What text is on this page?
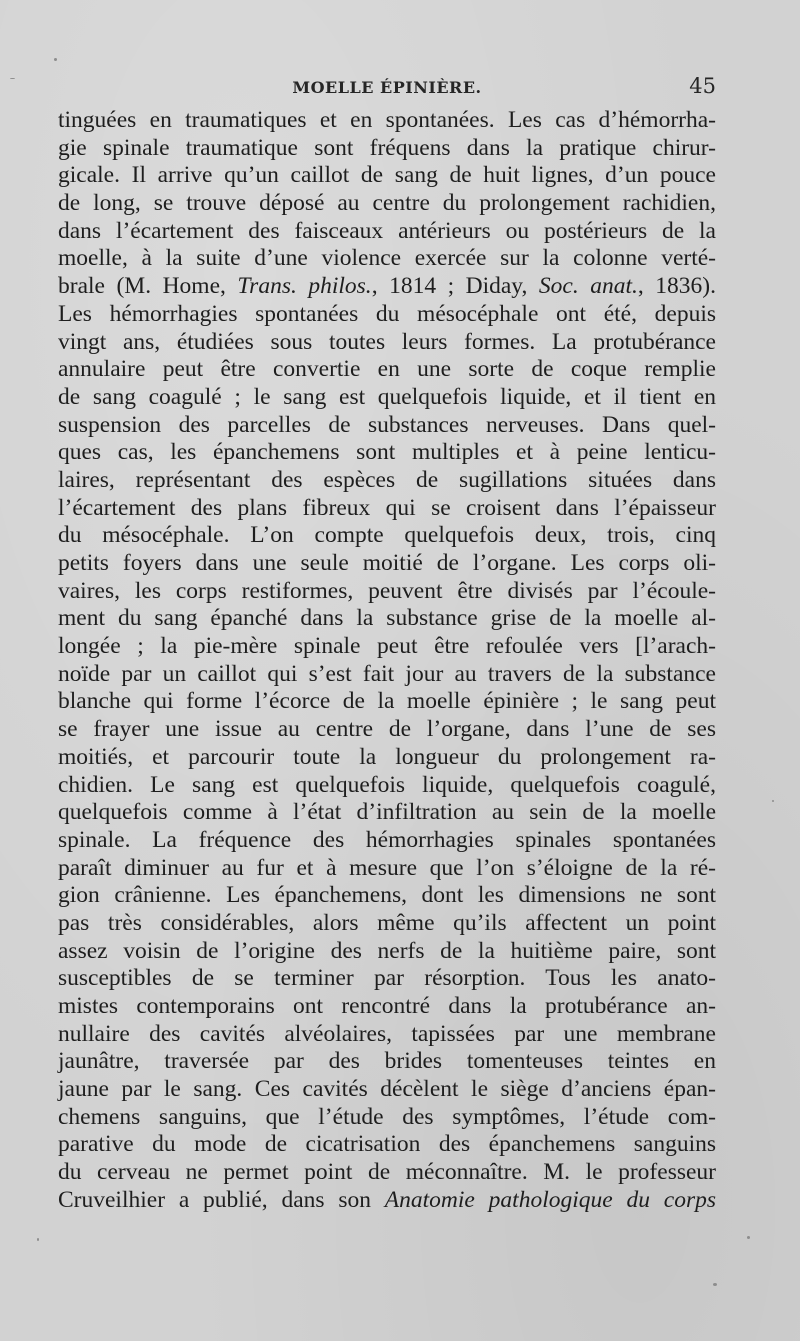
MOELLE ÉPINIÈRE.	45
tinguées en traumatiques et en spontanées. Les cas d’hémorrha-
gie spinale traumatique sont fréquens dans la pratique chirur-
gicale. Il arrive qu’un caillot de sang de huit lignes, d’un pouce
de long, se trouve déposé au centre du prolongement rachidien,
dans l’écartement des faisceaux antérieurs ou postérieurs de la
moelle, à la suite d’une violence exercée sur la colonne verté-
brale (M. Home, Trans. philos., 1814 ; Diday, Soc. anat., 1836).
Les hémorrhagies spontanées du mésocéphale ont été, depuis
vingt ans, étudiées sous toutes leurs formes. La protubérance
annulaire peut être convertie en une sorte de coque remplie
de sang coagulé ; le sang est quelquefois liquide, et il tient en
suspension des parcelles de substances nerveuses. Dans quel-
ques cas, les épanchemens sont multiples et à peine lenticu-
laires, représentant des espèces de sugillations situées dans
l’écartement des plans fibreux qui se croisent dans l’épaisseur
du mésocéphale. L’on compte quelquefois deux, trois, cinq
petits foyers dans une seule moitié de l’organe. Les corps oli-
vaires, les corps restiformes, peuvent être divisés par l’écoule-
ment du sang épanché dans la substance grise de la moelle al-
longée ; la pie-mère spinale peut être refoulée vers [l’arach-
noïde par un caillot qui s’est fait jour au travers de la substance
blanche qui forme l’écorce de la moelle épinière ; le sang peut
se frayer une issue au centre de l’organe, dans l’une de ses
moitiés, et parcourir toute la longueur du prolongement ra-
chidien. Le sang est quelquefois liquide, quelquefois coagulé,
quelquefois comme à l’état d’infiltration au sein de la moelle
spinale. La fréquence des hémorrhagies spinales spontanées
paraît diminuer au fur et à mesure que l’on s’éloigne de la ré-
gion crânienne. Les épanchemens, dont les dimensions ne sont
pas très considérables, alors même qu’ils affectent un point
assez voisin de l’origine des nerfs de la huitième paire, sont
susceptibles de se terminer par résorption. Tous les anato-
mistes contemporains ont rencontré dans la protubérance an-
nullaire des cavités alvéolaires, tapissées par une membrane
jaunâtre, traversée par des brides tomenteuses teintes en
jaune par le sang. Ces cavités décèlent le siège d’anciens épan-
chemens sanguins, que l’étude des symptômes, l’étude com-
parative du mode de cicatrisation des épanchemens sanguins
du cerveau ne permet point de méconnaître. M. le professeur
Cruveilhier a publié, dans son Anatomie pathologique du corps
